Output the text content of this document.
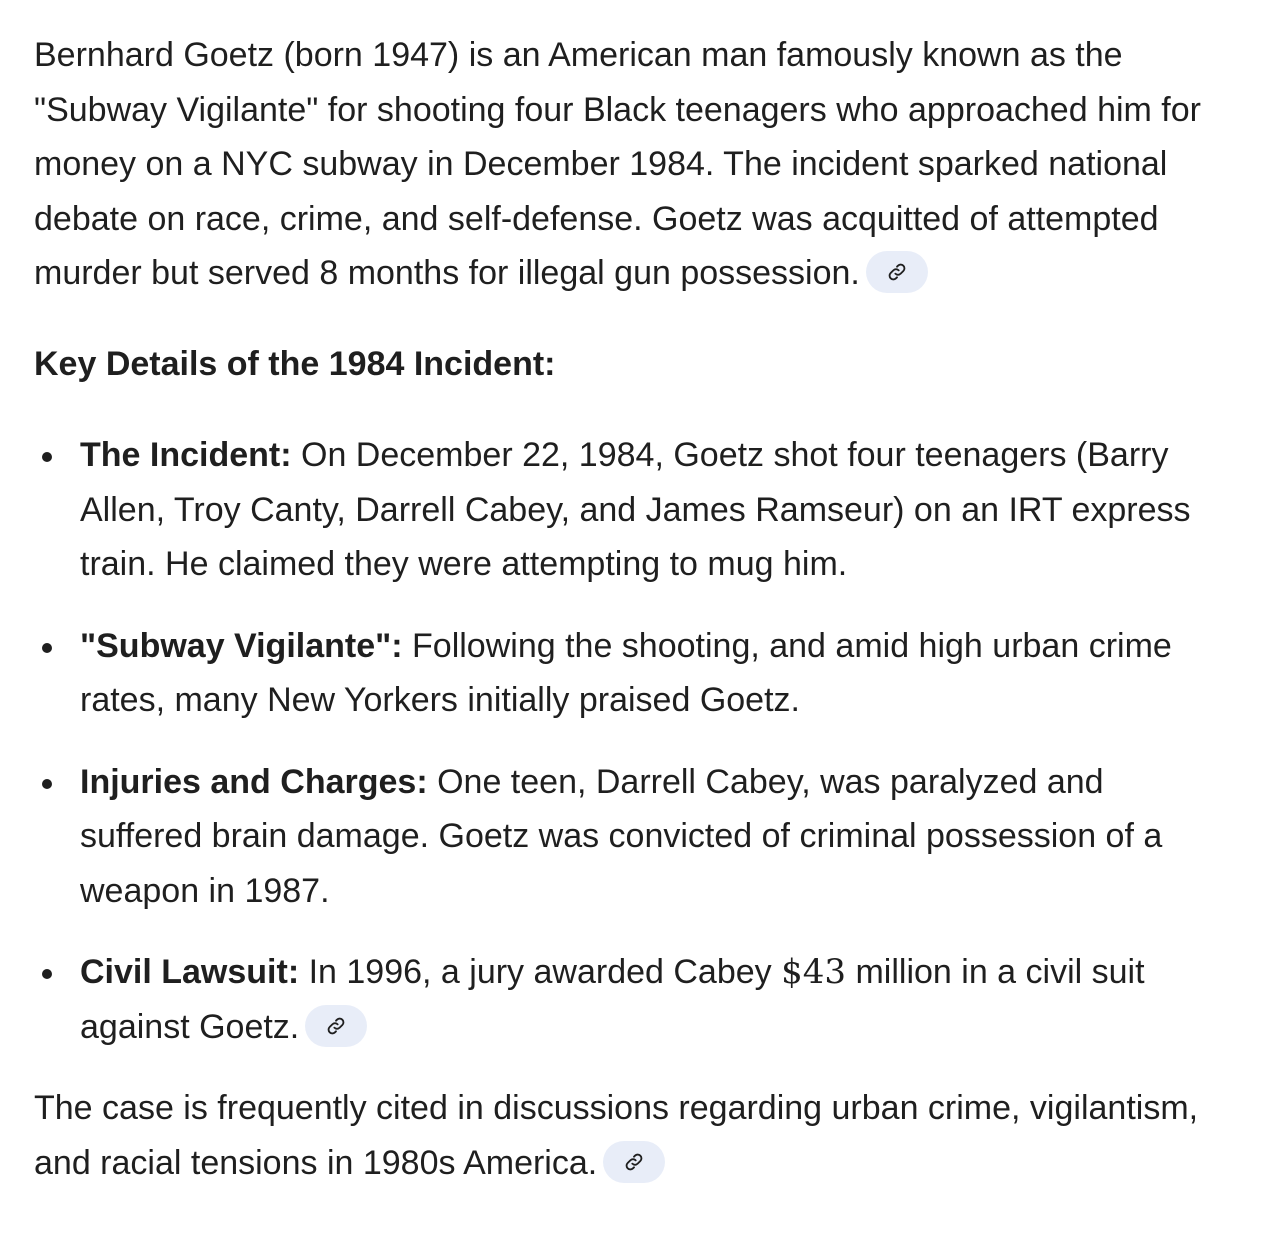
Bernhard Goetz (born 1947) is an American man famously known as the "Subway Vigilante" for shooting four Black teenagers who approached him for money on a NYC subway in December 1984. The incident sparked national debate on race, crime, and self-defense. Goetz was acquitted of attempted murder but served 8 months for illegal gun possession.

Key Details of the 1984 Incident:

The Incident: On December 22, 1984, Goetz shot four teenagers (Barry Allen, Troy Canty, Darrell Cabey, and James Ramseur) on an IRT express train. He claimed they were attempting to mug him.
"Subway Vigilante": Following the shooting, and amid high urban crime rates, many New Yorkers initially praised Goetz.
Injuries and Charges: One teen, Darrell Cabey, was paralyzed and suffered brain damage. Goetz was convicted of criminal possession of a weapon in 1987.
Civil Lawsuit: In 1996, a jury awarded Cabey $43 million in a civil suit against Goetz.

The case is frequently cited in discussions regarding urban crime, vigilantism, and racial tensions in 1980s America.
